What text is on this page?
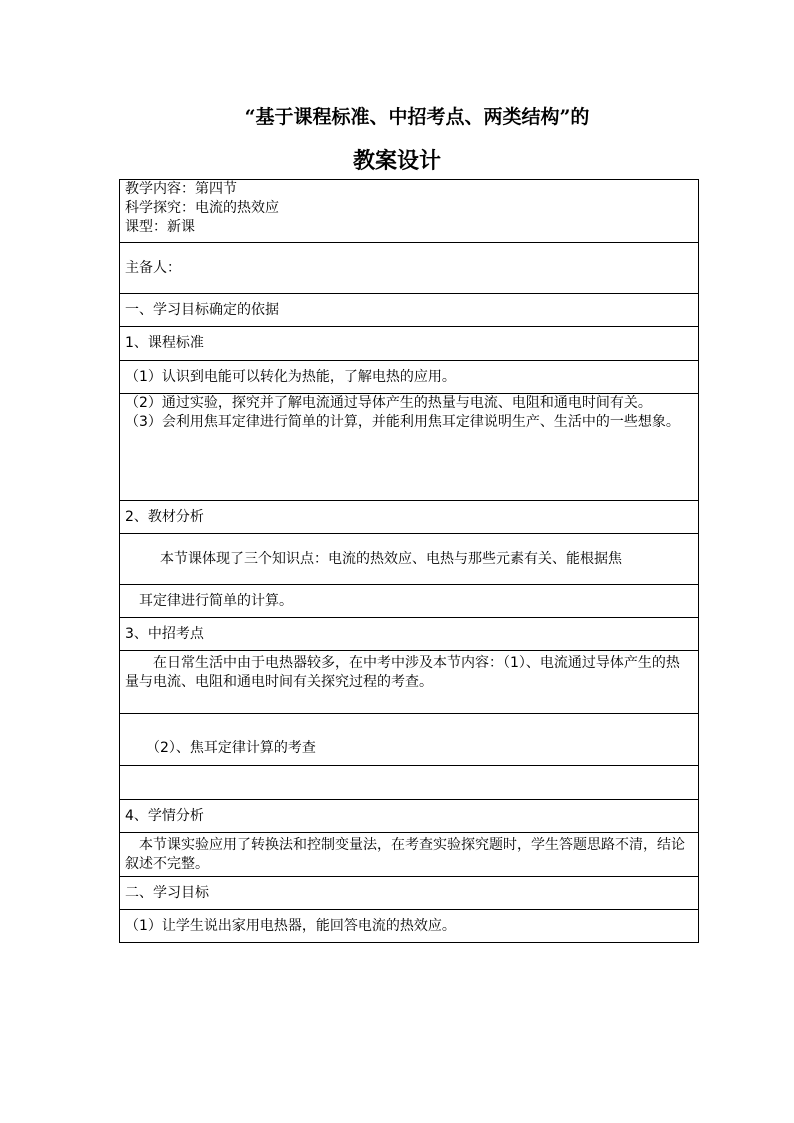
“基于课程标准、中招考点、两类结构”的
教案设计
教学内容：第四节
科学探究：电流的热效应
课型：新课

主备人：
一、学习目标确定的依据
1、课程标准
（1）认识到电能可以转化为热能，了解电热的应用。

（2）通过实验，探究并了解电流通过导体产生的热量与电流、电阻和通电时间有关。
（3）会利用焦耳定律进行简单的计算，并能利用焦耳定律说明生产、生活中的一些想象。

2、教材分析
本节课体现了三个知识点：电流的热效应、电热与那些元素有关、能根据焦
耳定律进行简单的计算。
3、中招考点
在日常生活中由于电热器较多，在中考中涉及本节内容：（1）、电流通过导体产生的热量与电流、电阻和通电时间有关探究过程的考查。
（2）、焦耳定律计算的考查

4、学情分析
本节课实验应用了转换法和控制变量法，在考查实验探究题时，学生答题思路不清，结论叙述不完整。
二、学习目标
（1）让学生说出家用电热器，能回答电流的热效应。
